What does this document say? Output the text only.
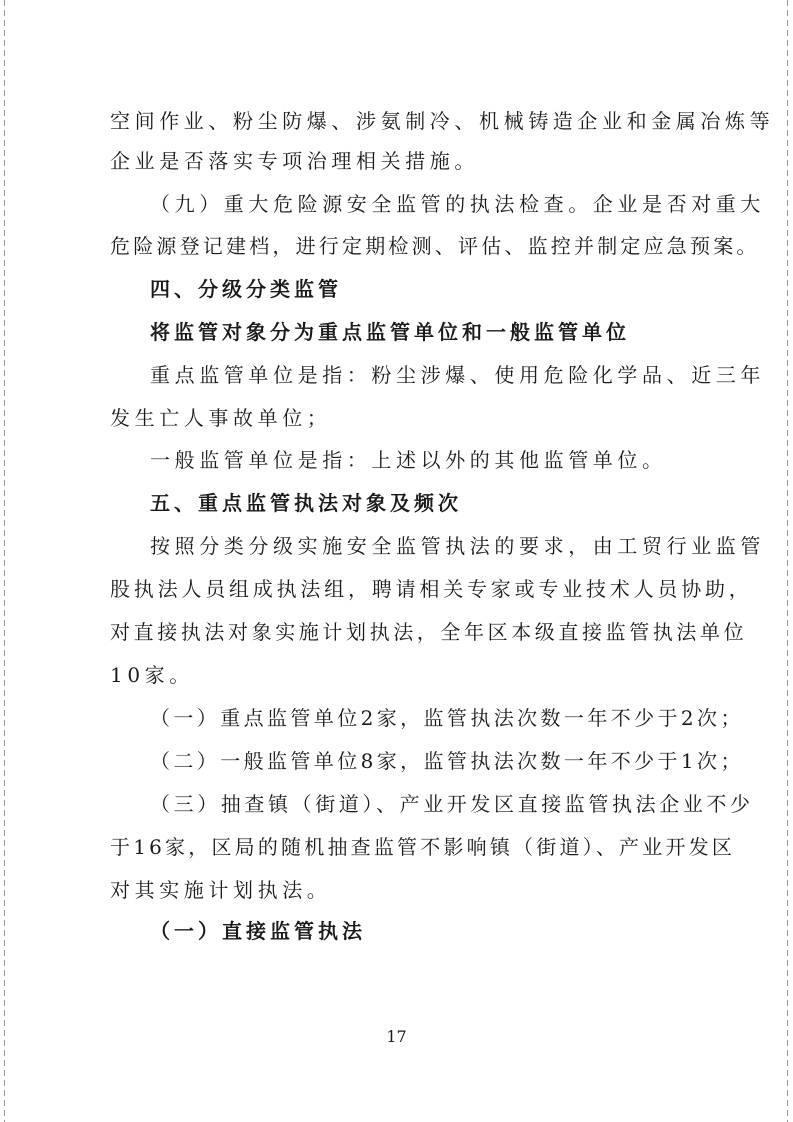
空间作业、粉尘防爆、涉氨制冷、机械铸造企业和金属冶炼等
企业是否落实专项治理相关措施。
（九）重大危险源安全监管的执法检查。企业是否对重大
危险源登记建档，进行定期检测、评估、监控并制定应急预案。
四、分级分类监管
将监管对象分为重点监管单位和一般监管单位
重点监管单位是指：粉尘涉爆、使用危险化学品、近三年
发生亡人事故单位；
一般监管单位是指：上述以外的其他监管单位。
五、重点监管执法对象及频次
按照分类分级实施安全监管执法的要求，由工贸行业监管
股执法人员组成执法组，聘请相关专家或专业技术人员协助，
对直接执法对象实施计划执法，全年区本级直接监管执法单位
10家。
（一）重点监管单位2家，监管执法次数一年不少于2次；
（二）一般监管单位8家，监管执法次数一年不少于1次；
（三）抽查镇（街道）、产业开发区直接监管执法企业不少
于16家，区局的随机抽查监管不影响镇（街道）、产业开发区
对其实施计划执法。
（一）直接监管执法
17
